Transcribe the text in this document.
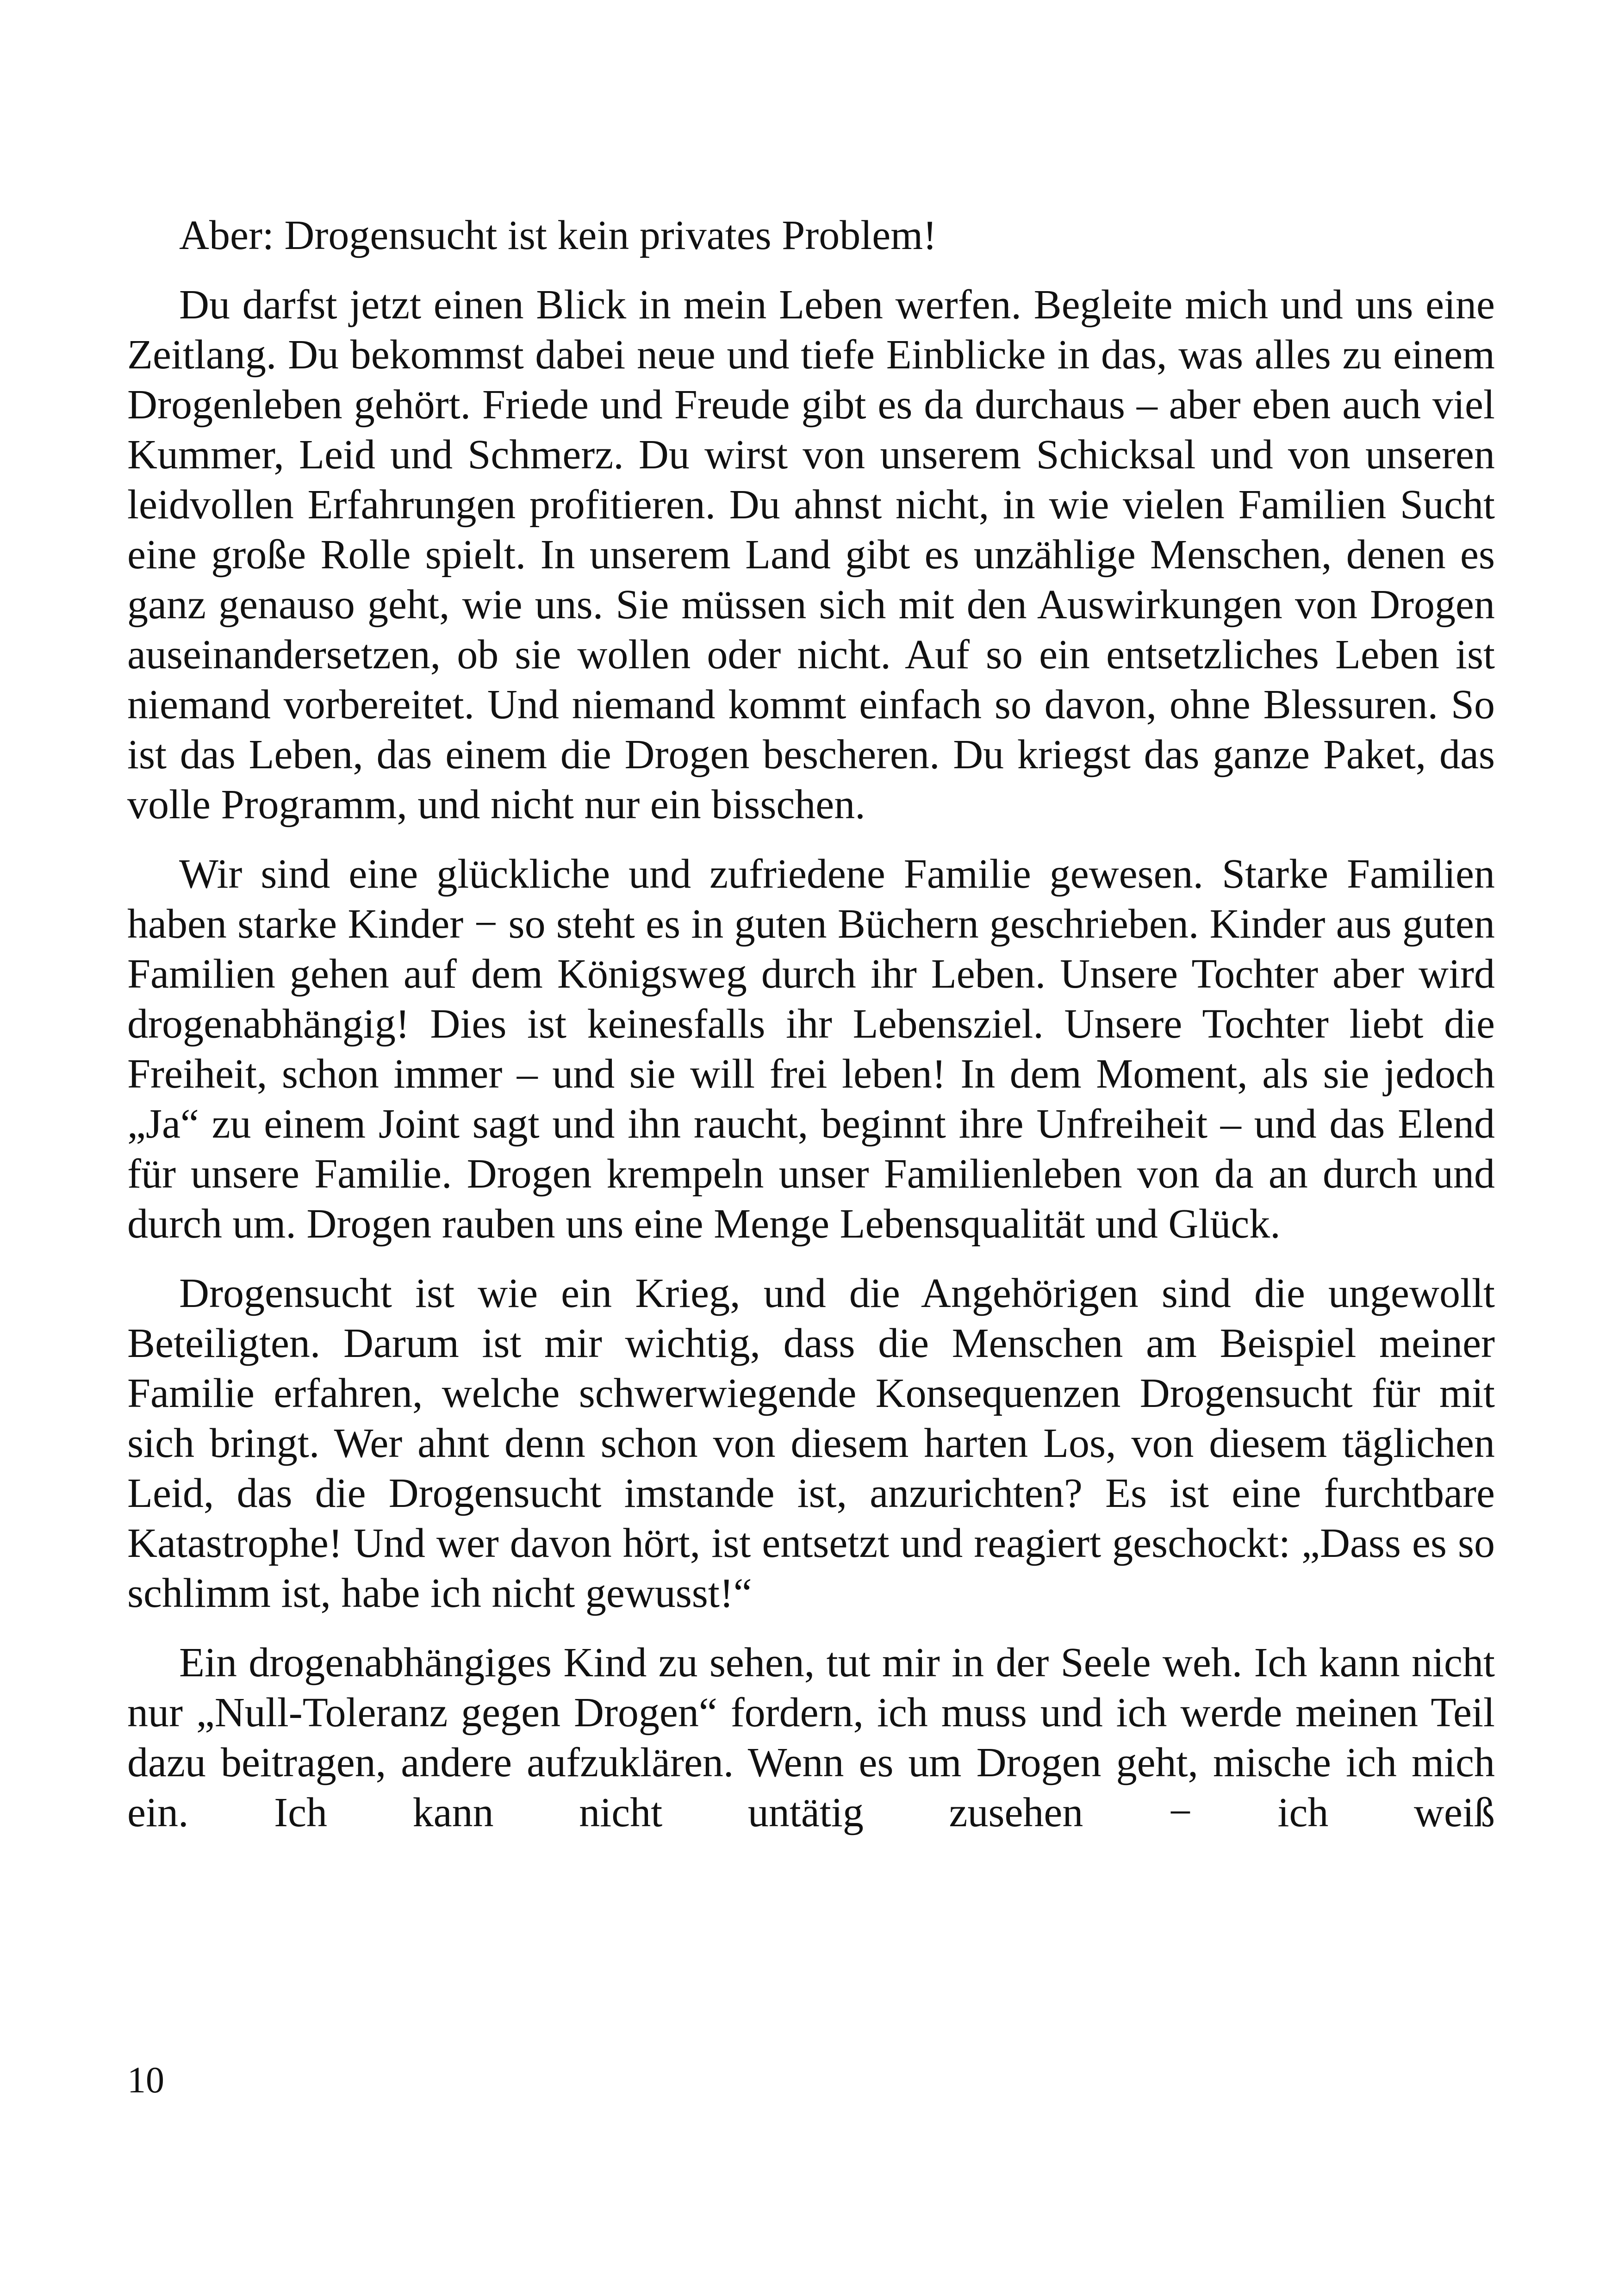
Aber: Drogensucht ist kein privates Problem!

Du darfst jetzt einen Blick in mein Leben werfen. Begleite mich und uns eine Zeitlang. Du bekommst dabei neue und tiefe Einblicke in das, was alles zu einem Drogenleben gehört. Friede und Freude gibt es da durchaus – aber eben auch viel Kummer, Leid und Schmerz. Du wirst von unserem Schicksal und von unseren leidvollen Erfahrungen profitieren. Du ahnst nicht, in wie vielen Familien Sucht eine große Rolle spielt. In unserem Land gibt es unzählige Menschen, denen es ganz genauso geht, wie uns. Sie müssen sich mit den Auswirkungen von Drogen auseinandersetzen, ob sie wollen oder nicht. Auf so ein entsetzliches Leben ist niemand vorbereitet. Und niemand kommt einfach so davon, ohne Blessuren. So ist das Leben, das einem die Drogen bescheren. Du kriegst das ganze Paket, das volle Programm, und nicht nur ein bisschen.

Wir sind eine glückliche und zufriedene Familie gewesen. Starke Familien haben starke Kinder − so steht es in guten Büchern geschrieben. Kinder aus guten Familien gehen auf dem Königsweg durch ihr Leben. Unsere Tochter aber wird drogenabhängig! Dies ist keinesfalls ihr Lebensziel. Unsere Tochter liebt die Freiheit, schon immer – und sie will frei leben! In dem Moment, als sie jedoch „Ja“ zu einem Joint sagt und ihn raucht, beginnt ihre Unfreiheit – und das Elend für unsere Familie. Drogen krempeln unser Familienleben von da an durch und durch um. Drogen rauben uns eine Menge Lebensqualität und Glück.

Drogensucht ist wie ein Krieg, und die Angehörigen sind die ungewollt Beteiligten. Darum ist mir wichtig, dass die Menschen am Beispiel meiner Familie erfahren, welche schwerwiegende Konsequenzen Drogensucht für mit sich bringt. Wer ahnt denn schon von diesem harten Los, von diesem täglichen Leid, das die Drogensucht imstande ist, anzurichten? Es ist eine furchtbare Katastrophe! Und wer davon hört, ist entsetzt und reagiert geschockt: „Dass es so schlimm ist, habe ich nicht gewusst!“

Ein drogenabhängiges Kind zu sehen, tut mir in der Seele weh. Ich kann nicht nur „Null-Toleranz gegen Drogen“ fordern, ich muss und ich werde meinen Teil dazu beitragen, andere aufzuklären. Wenn es um Drogen geht, mische ich mich ein. Ich kann nicht untätig zusehen − ich weiß

10
